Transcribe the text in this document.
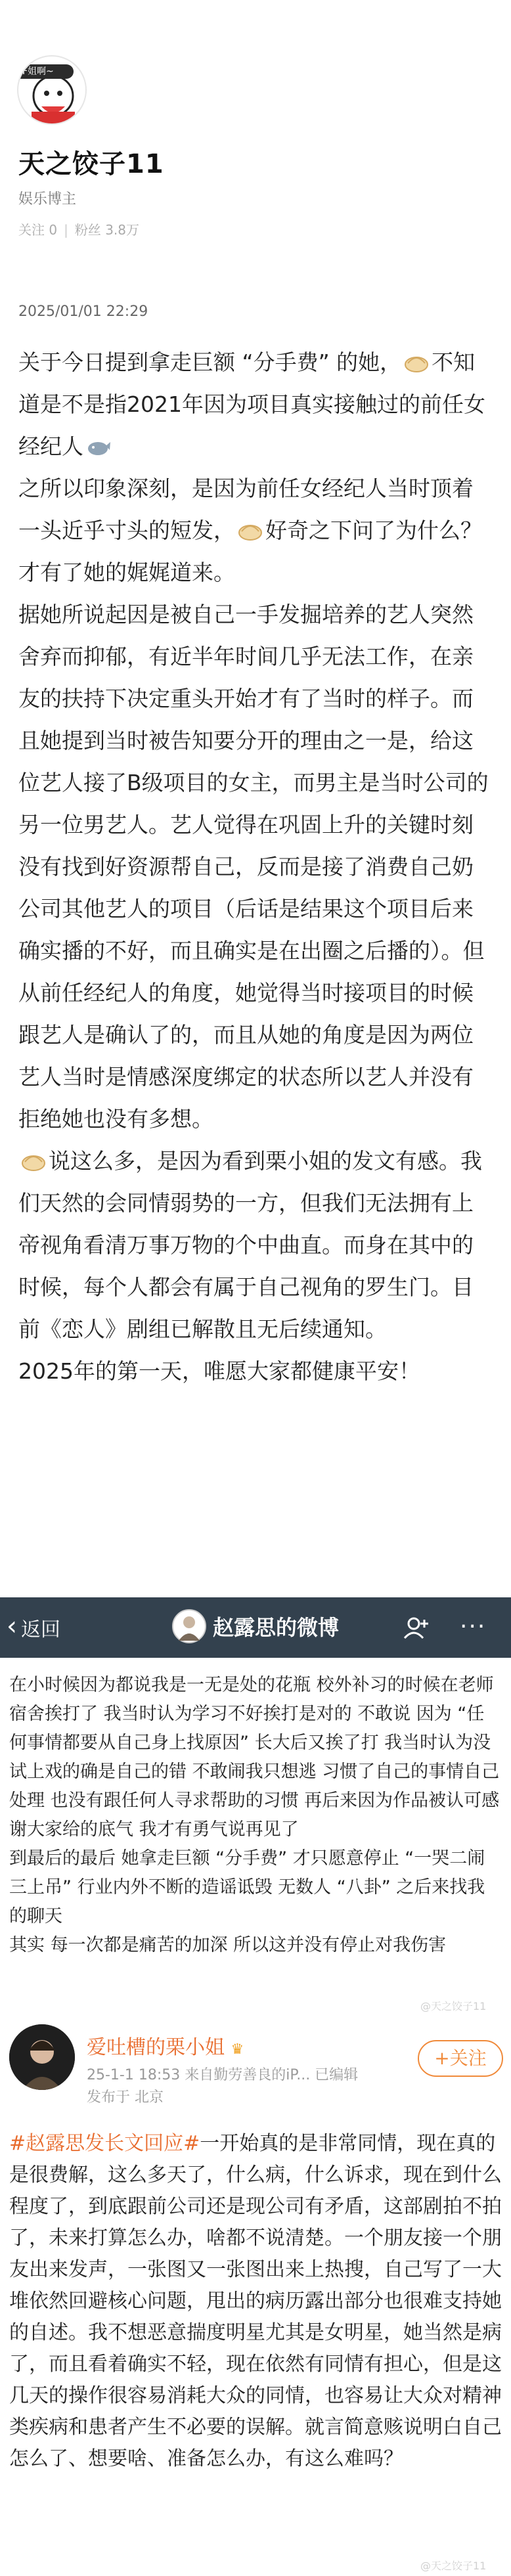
F姐啊~
天之饺子11
娱乐博主
关注 0 | 粉丝 3.8万
2025/01/01 22:29

关于今日提到拿走巨额 “分手费” 的她， 不知道是不是指2021年因为项目真实接触过的前任女经纪人

之所以印象深刻，是因为前任女经纪人当时顶着一头近乎寸头的短发， 好奇之下问了为什么？才有了她的娓娓道来。

据她所说起因是被自己一手发掘培养的艺人突然舍弃而抑郁，有近半年时间几乎无法工作，在亲友的扶持下决定重头开始才有了当时的样子。而且她提到当时被告知要分开的理由之一是，给这位艺人接了B级项目的女主，而男主是当时公司的另一位男艺人。艺人觉得在巩固上升的关键时刻没有找到好资源帮自己，反而是接了消费自己奶公司其他艺人的项目（后话是结果这个项目后来确实播的不好，而且确实是在出圈之后播的）。但从前任经纪人的角度，她觉得当时接项目的时候跟艺人是确认了的，而且从她的角度是因为两位艺人当时是情感深度绑定的状态所以艺人并没有拒绝她也没有多想。

说这么多，是因为看到栗小姐的发文有感。我们天然的会同情弱势的一方，但我们无法拥有上帝视角看清万事万物的个中曲直。而身在其中的时候，每个人都会有属于自己视角的罗生门。目前《恋人》剧组已解散且无后续通知。

2025年的第一天，唯愿大家都健康平安！

‹ 返回	赵露思的微博	···
在小时候因为都说我是一无是处的花瓶 校外补习的时候在老师宿舍挨打了 我当时认为学习不好挨打是对的 不敢说 因为 “任何事情都要从自己身上找原因” 长大后又挨了打 我当时认为没试上戏的确是自己的错 不敢闹我只想逃 习惯了自己的事情自己处理 也没有跟任何人寻求帮助的习惯 再后来因为作品被认可感谢大家给的底气 我才有勇气说再见了
到最后的最后 她拿走巨额 “分手费” 才只愿意停止 “一哭二闹三上吊” 行业内外不断的造谣诋毁 无数人 “八卦” 之后来找我的聊天
其实 每一次都是痛苦的加深 所以这并没有停止对我伤害
爱吐槽的栗小姐 ♛
25-1-1 18:53 来自勤劳善良的iP... 已编辑
发布于 北京
+关注
#赵露思发长文回应#一开始真的是非常同情，现在真的是很费解，这么多天了，什么病，什么诉求，现在到什么程度了，到底跟前公司还是现公司有矛盾，这部剧拍不拍了，未来打算怎么办，啥都不说清楚。一个朋友接一个朋友出来发声，一张图又一张图出来上热搜，自己写了一大堆依然回避核心问题，甩出的病历露出部分也很难支持她的自述。我不想恶意揣度明星尤其是女明星，她当然是病了，而且看着确实不轻，现在依然有同情有担心，但是这几天的操作很容易消耗大众的同情，也容易让大众对精神类疾病和患者产生不必要的误解。就言简意赅说明白自己怎么了、想要啥、准备怎么办，有这么难吗？
@天之饺子11
@天之饺子11
